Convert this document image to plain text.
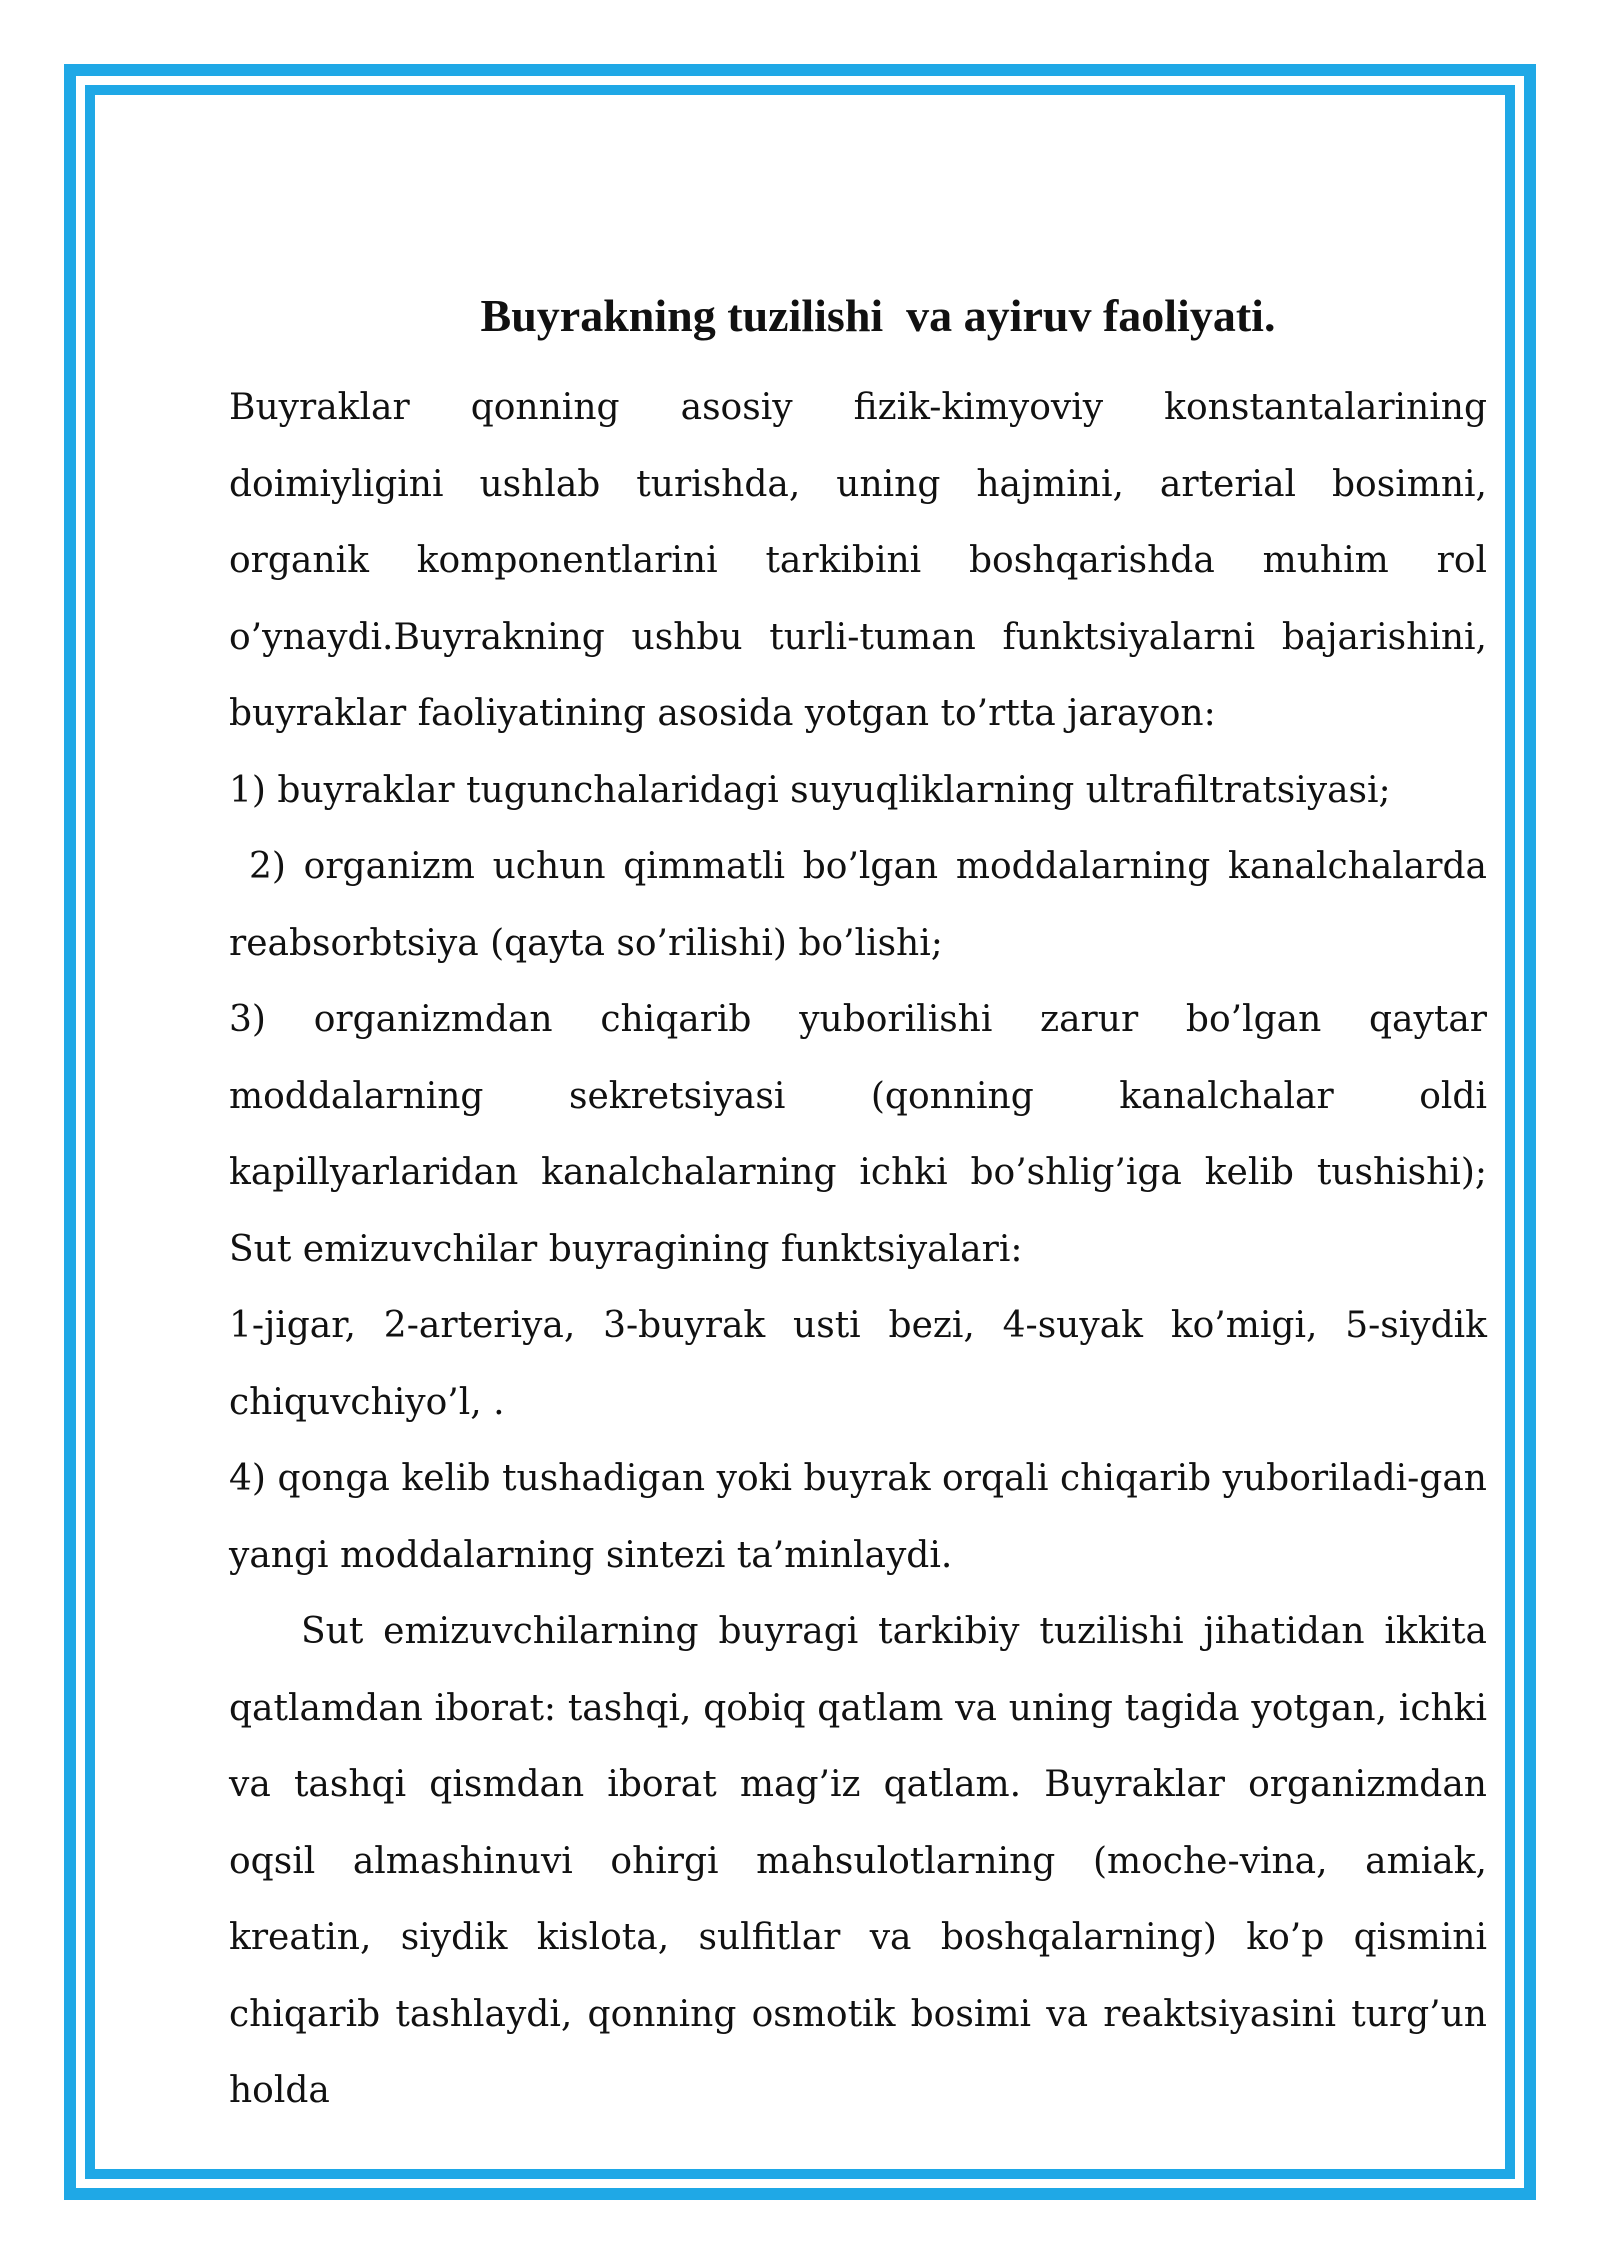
Buyrakning tuzilishi  va ayiruv faoliyati.

Buyraklar qonning asosiy fizik-kimyoviy konstantalarining doimiyligini ushlab turishda, uning hajmini, arterial bosimni, organik komponentlarini tarkibini boshqarishda muhim rol o’ynaydi.Buyrakning ushbu turli-tuman funktsiyalarni bajarishini, buyraklar faoliyatining asosida yotgan to’rtta jarayon:

1) buyraklar tugunchalaridagi suyuqliklarning ultrafiltratsiyasi;

2) organizm uchun qimmatli bo’lgan moddalarning kanalchalarda reabsorbtsiya (qayta so’rilishi) bo’lishi;

3) organizmdan chiqarib yuborilishi zarur bo’lgan qaytar moddalarning sekretsiyasi (qonning kanalchalar oldi kapillyarlaridan kanalchalarning ichki bo’shlig’iga kelib tushishi); Sut emizuvchilar buyragining funktsiyalari:

1-jigar, 2-arteriya, 3-buyrak usti bezi, 4-suyak ko’migi, 5-siydik chiquvchiyo’l, .

4) qonga kelib tushadigan yoki buyrak orqali chiqarib yuboriladi-gan yangi moddalarning sintezi ta’minlaydi.

Sut emizuvchilarning buyragi tarkibiy tuzilishi jihatidan ikkita qatlamdan iborat: tashqi, qobiq qatlam va uning tagida yotgan, ichki va tashqi qismdan iborat mag’iz qatlam. Buyraklar organizmdan oqsil almashinuvi ohirgi mahsulotlarning (moche-vina, amiak, kreatin, siydik kislota, sulfitlar va boshqalarning) ko’p qismini chiqarib tashlaydi, qonning osmotik bosimi va reaktsiyasini turg’un holda
